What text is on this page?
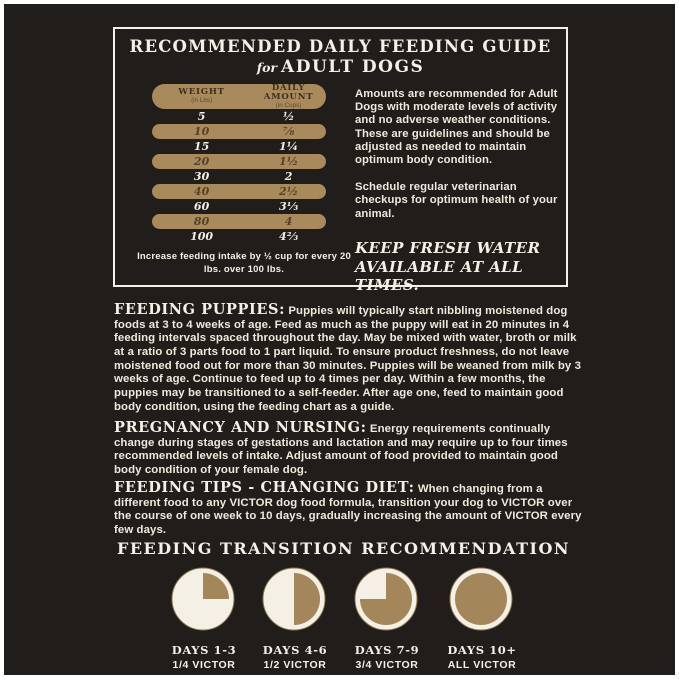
RECOMMENDED DAILY FEEDING GUIDE
for ADULT DOGS
WEIGHT
(in Lbs)
DAILY AMOUNT
(in Cups)
5	½
10	⅞
15	1¼
20	1½
30	2
40	2½
60	3⅓
80	4
100	4⅔
Increase feeding intake by ½ cup for every 20 lbs. over 100 lbs.

Amounts are recommended for Adult Dogs with moderate levels of activity and no adverse weather conditions. These are guidelines and should be adjusted as needed to maintain optimum body condition.

Schedule regular veterinarian checkups for optimum health of your animal.

KEEP FRESH WATER AVAILABLE AT ALL TIMES.
FEEDING PUPPIES: Puppies will typically start nibbling moistened dog foods at 3 to 4 weeks of age. Feed as much as the puppy will eat in 20 minutes in 4 feeding intervals spaced throughout the day. May be mixed with water, broth or milk at a ratio of 3 parts food to 1 part liquid. To ensure product freshness, do not leave moistened food out for more than 30 minutes. Puppies will be weaned from milk by 3 weeks of age. Continue to feed up to 4 times per day. Within a few months, the puppies may be transitioned to a self-feeder. After age one, feed to maintain good body condition, using the feeding chart as a guide.
PREGNANCY AND NURSING: Energy requirements continually change during stages of gestations and lactation and may require up to four times recommended levels of intake. Adjust amount of food provided to maintain good body condition of your female dog.
FEEDING TIPS - CHANGING DIET: When changing from a different food to any VICTOR dog food formula, transition your dog to VICTOR over the course of one week to 10 days, gradually increasing the amount of VICTOR every few days.
FEEDING TRANSITION RECOMMENDATION
DAYS 1-3
1/4 VICTOR
DAYS 4-6
1/2 VICTOR
DAYS 7-9
3/4 VICTOR
DAYS 10+
ALL VICTOR
